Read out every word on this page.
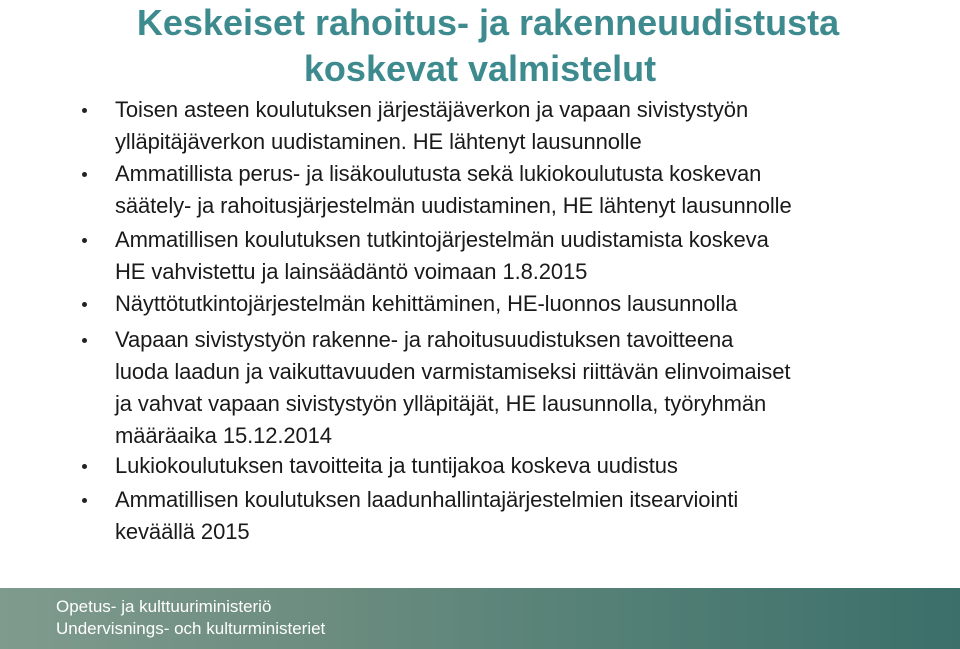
Keskeiset rahoitus- ja rakenneuudistusta
koskevat valmistelut
Toisen asteen koulutuksen järjestäjäverkon ja vapaan sivistystyön
ylläpitäjäverkon uudistaminen. HE lähtenyt lausunnolle
Ammatillista perus- ja lisäkoulutusta sekä lukiokoulutusta koskevan
säätely- ja rahoitusjärjestelmän uudistaminen, HE lähtenyt lausunnolle
Ammatillisen koulutuksen tutkintojärjestelmän uudistamista koskeva
HE vahvistettu ja lainsäädäntö voimaan 1.8.2015
Näyttötutkintojärjestelmän kehittäminen, HE-luonnos lausunnolla
Vapaan sivistystyön rakenne- ja rahoitusuudistuksen tavoitteena
luoda laadun ja vaikuttavuuden varmistamiseksi riittävän elinvoimaiset
ja vahvat vapaan sivistystyön ylläpitäjät, HE lausunnolla, työryhmän
määräaika 15.12.2014
Lukiokoulutuksen tavoitteita ja tuntijakoa koskeva uudistus
Ammatillisen koulutuksen laadunhallintajärjestelmien itsearviointi
keväällä 2015
Opetus- ja kulttuuriministeriö
Undervisnings- och kulturministeriet
